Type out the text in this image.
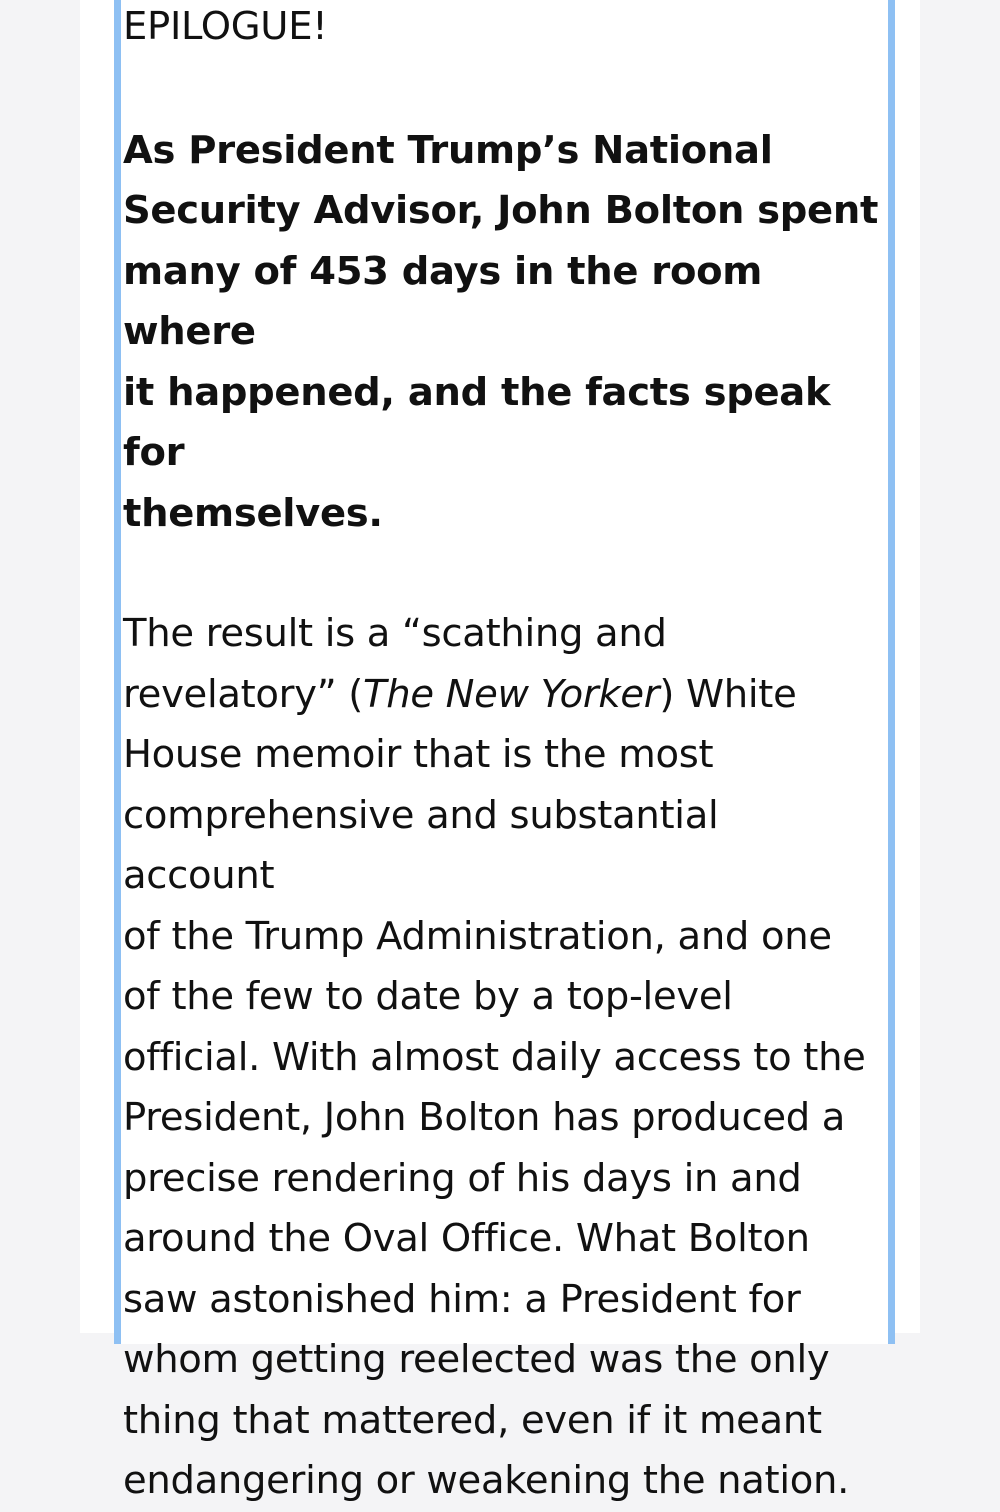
EPILOGUE!

As President Trump’s National
Security Advisor, John Bolton spent
many of 453 days in the room where
it happened, and the facts speak for
themselves.

The result is a “scathing and
revelatory” (The New Yorker) White
House memoir that is the most
comprehensive and substantial account
of the Trump Administration, and one
of the few to date by a top-level
official. With almost daily access to the
President, John Bolton has produced a
precise rendering of his days in and
around the Oval Office. What Bolton
saw astonished him: a President for
whom getting reelected was the only
thing that mattered, even if it meant
endangering or weakening the nation.
